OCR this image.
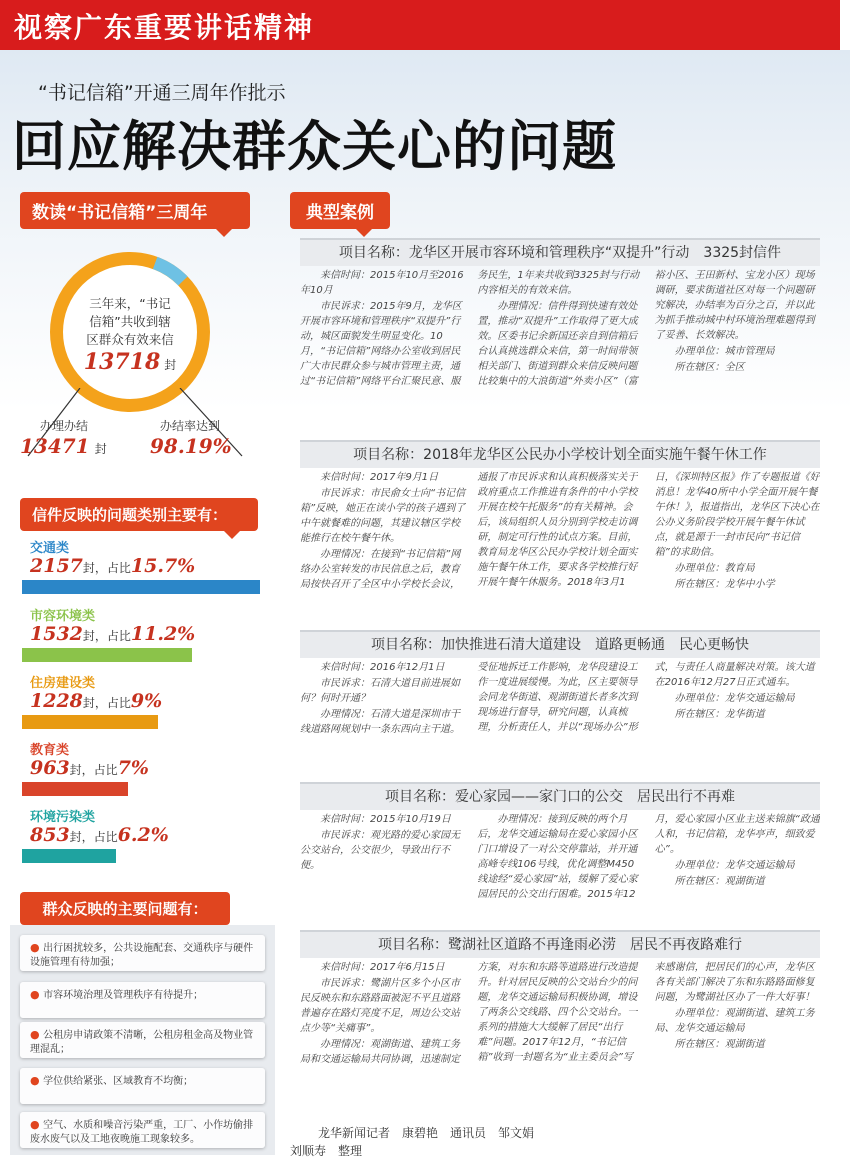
视察广东重要讲话精神
“书记信箱”开通三周年作批示
回应解决群众关心的问题
数读“书记信箱”三周年
三年来，“书记信箱”共收到辖区群众有效来信
13718 封
办理办结
13471 封
办结率达到
98.19%
信件反映的问题类别主要有：
交通类
2157封，占比15.7%
市容环境类
1532封，占比11.2%
住房建设类
1228封，占比9%
教育类
963封，占比7%
环境污染类
853封，占比6.2%
群众反映的主要问题有：
● 出行困扰较多，公共设施配套、交通秩序与硬件设施管理有待加强；
● 市容环境治理及管理秩序有待提升；
● 公租房申请政策不清晰，公租房租金高及物业管理混乱；
● 学位供给紧张、区域教育不均衡；
● 空气、水质和噪音污染严重，工厂、小作坊偷排废水废气以及工地夜晚施工现象较多。
典型案例
项目名称：龙华区开展市容环境和管理秩序“双提升”行动　3325封信件

来信时间：2015年10月至2016年10月

市民诉求：2015年9月，龙华区开展市容环境和管理秩序“双提升”行动，城区面貌发生明显变化。10月，“书记信箱”网络办公室收到居民广大市民群众参与城市管理主责，通过“书记信箱”网络平台汇聚民意、服务民生，1年来共收到3325封与行动内容相关的有效来信。

办理情况：信件得到快速有效处置，推动“双提升”工作取得了更大成效。区委书记余新国还亲自到信箱后台认真挑选群众来信，第一时间带领相关部门、街道到群众来信反映问题比较集中的大浪街道“外卖小区”（富裕小区、王田新村、宝龙小区）现场调研，要求街道社区对每一个问题研究解决，办结率为百分之百，并以此为抓手推动城中村环境治理难题得到了妥善、长效解决。

办理单位：城市管理局

所在辖区：全区

项目名称：2018年龙华区公民办小学校计划全面实施午餐午休工作

来信时间：2017年9月1日

市民诉求：市民俞女士向“书记信箱”反映，她正在读小学的孩子遇到了中午就餐难的问题，其建议辖区学校能推行在校午餐午休。

办理情况：在接到“书记信箱”网络办公室转发的市民信息之后，教育局按快召开了全区中小学校长会议，通报了市民诉求和认真积极落实关于政府重点工作推进有条件的中小学校开展在校午托服务”的有关精神。会后，该局组织人员分别到学校走访调研，制定可行性的试点方案。目前，教育局龙华区公民办学校计划全面实施午餐午休工作，要求各学校推行好开展午餐午休服务。2018年3月1日，《深圳特区报》作了专题报道《好消息！龙华40所中小学全面开展午餐午休！》，报道指出，龙华区下决心在公办义务阶段学校开展午餐午休试点，就是源于一封市民向“书记信箱”的求助信。

办理单位：教育局

所在辖区：龙华中小学

项目名称：加快推进石清大道建设　道路更畅通　民心更畅快

来信时间：2016年12月1日

市民诉求：石清大道目前进展如何？何时开通？

办理情况：石清大道是深圳市干线道路网规划中一条东西向主干道。受征地拆迁工作影响，龙华段建设工作一度进展缓慢。为此，区主要领导会同龙华街道、观湖街道长者多次到现场进行督导，研究问题，认真梳理，分析责任人，并以“现场办公”形式，与责任人商量解决对策。该大道在2016年12月27日正式通车。

办理单位：龙华交通运输局

所在辖区：龙华街道

项目名称：爱心家园——家门口的公交　居民出行不再难

来信时间：2015年10月19日

市民诉求：观光路的爱心家园无公交站台，公交很少，导致出行不便。

办理情况：接到反映的两个月后，龙华交通运输局在爱心家园小区门口增设了一对公交停靠站，并开通高峰专线106号线，优化调整M450线途经“爱心家园”站，缓解了爱心家园居民的公交出行困难。2015年12月，爱心家园小区业主送来锦旗“政通人和，书记信箱，龙华亭声，细致爱心”。

办理单位：龙华交通运输局

所在辖区：观湖街道

项目名称：鹭湖社区道路不再逢雨必涝　居民不再夜路难行

来信时间：2017年6月15日

市民诉求：鹭湖片区多个小区市民反映东和东路路面被泥不平且道路普遍存在路灯亮度不足，周边公交站点少等“关痛事”。

办理情况：观湖街道、建筑工务局和交通运输局共同协调，迅速制定方案，对东和东路等道路进行改造提升。针对居民反映的公交站台少的问题，龙华交通运输局积极协调，增设了两条公交线路、四个公交站台。一系列的措施大大缓解了居民“出行难”问题。2017年12月，“书记信箱”收到一封题名为“业主委员会”写来感谢信，把居民们的心声，龙华区各有关部门解决了东和东路路面修复问题，为鹭湖社区办了一件大好事！

办理单位：观湖街道、建筑工务局、龙华交通运输局

所在辖区：观湖街道

龙华新闻记者　康碧艳　通讯员　邹文娟
刘顺寿　整理
